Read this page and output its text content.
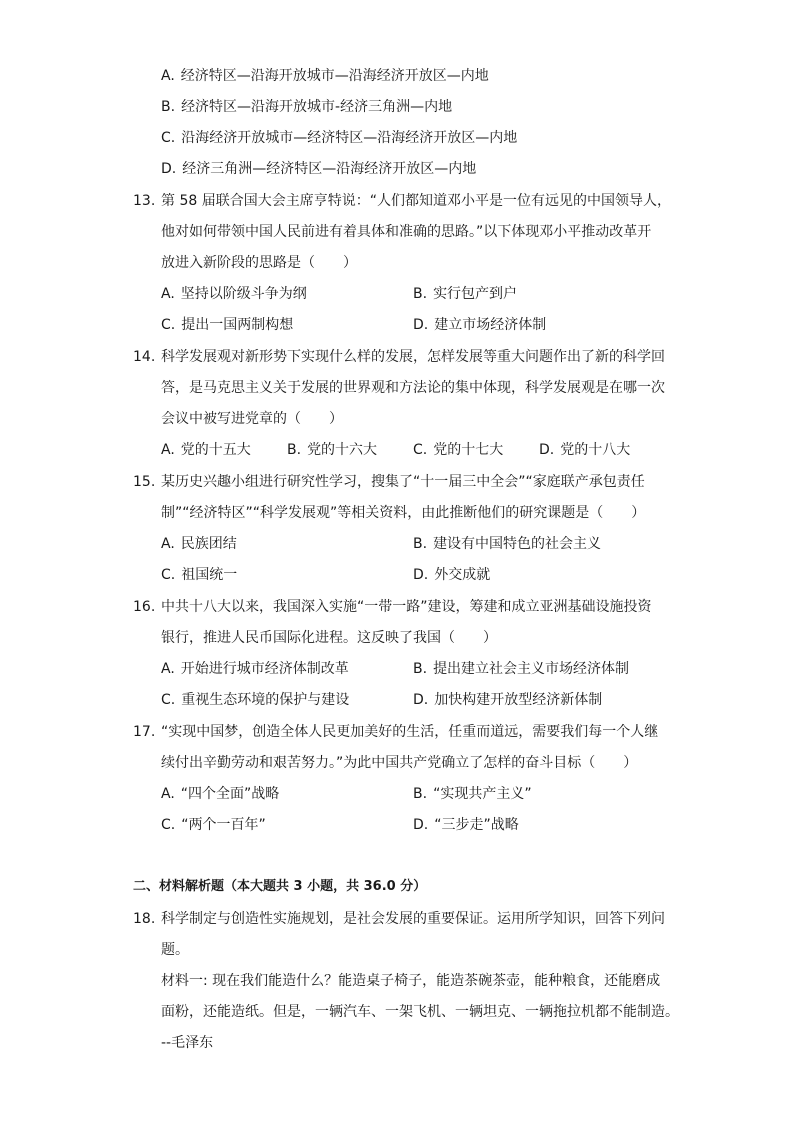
A. 经济特区—沿海开放城市—沿海经济开放区—内地
B. 经济特区—沿海开放城市-经济三角洲—内地
C. 沿海经济开放城市—经济特区—沿海经济开放区—内地
D. 经济三角洲—经济特区—沿海经济开放区—内地
13. 第 58 届联合国大会主席亨特说：“人们都知道邓小平是一位有远见的中国领导人，
他对如何带领中国人民前进有着具体和准确的思路。”以下体现邓小平推动改革开
放进入新阶段的思路是（　　）
A. 坚持以阶级斗争为纲	B. 实行包产到户
C. 提出一国两制构想	D. 建立市场经济体制
14. 科学发展观对新形势下实现什么样的发展，怎样发展等重大问题作出了新的科学回
答，是马克思主义关于发展的世界观和方法论的集中体现，科学发展观是在哪一次
会议中被写进党章的（　　）
A. 党的十五大	B. 党的十六大	C. 党的十七大	D. 党的十八大
15. 某历史兴趣小组进行研究性学习，搜集了“十一届三中全会”“家庭联产承包责任
制”“经济特区”“科学发展观”等相关资料，由此推断他们的研究课题是（　　）
A. 民族团结	B. 建设有中国特色的社会主义
C. 祖国统一	D. 外交成就
16. 中共十八大以来，我国深入实施“一带一路”建设，筹建和成立亚洲基础设施投资
银行，推进人民币国际化进程。这反映了我国（　　）
A. 开始进行城市经济体制改革	B. 提出建立社会主义市场经济体制
C. 重视生态环境的保护与建设	D. 加快构建开放型经济新体制
17. “实现中国梦，创造全体人民更加美好的生活，任重而道远，需要我们每一个人继
续付出辛勤劳动和艰苦努力。”为此中国共产党确立了怎样的奋斗目标（　　）
A. “四个全面”战略	B. “实现共产主义”
C. “两个一百年”	D. “三步走”战略
二、材料解析题（本大题共 3 小题，共 36.0 分）
18. 科学制定与创造性实施规划，是社会发展的重要保证。运用所学知识，回答下列问
题。
材料一: 现在我们能造什么？能造桌子椅子，能造茶碗茶壶，能种粮食，还能磨成
面粉，还能造纸。但是，一辆汽车、一架飞机、一辆坦克、一辆拖拉机都不能制造。
--毛泽东
